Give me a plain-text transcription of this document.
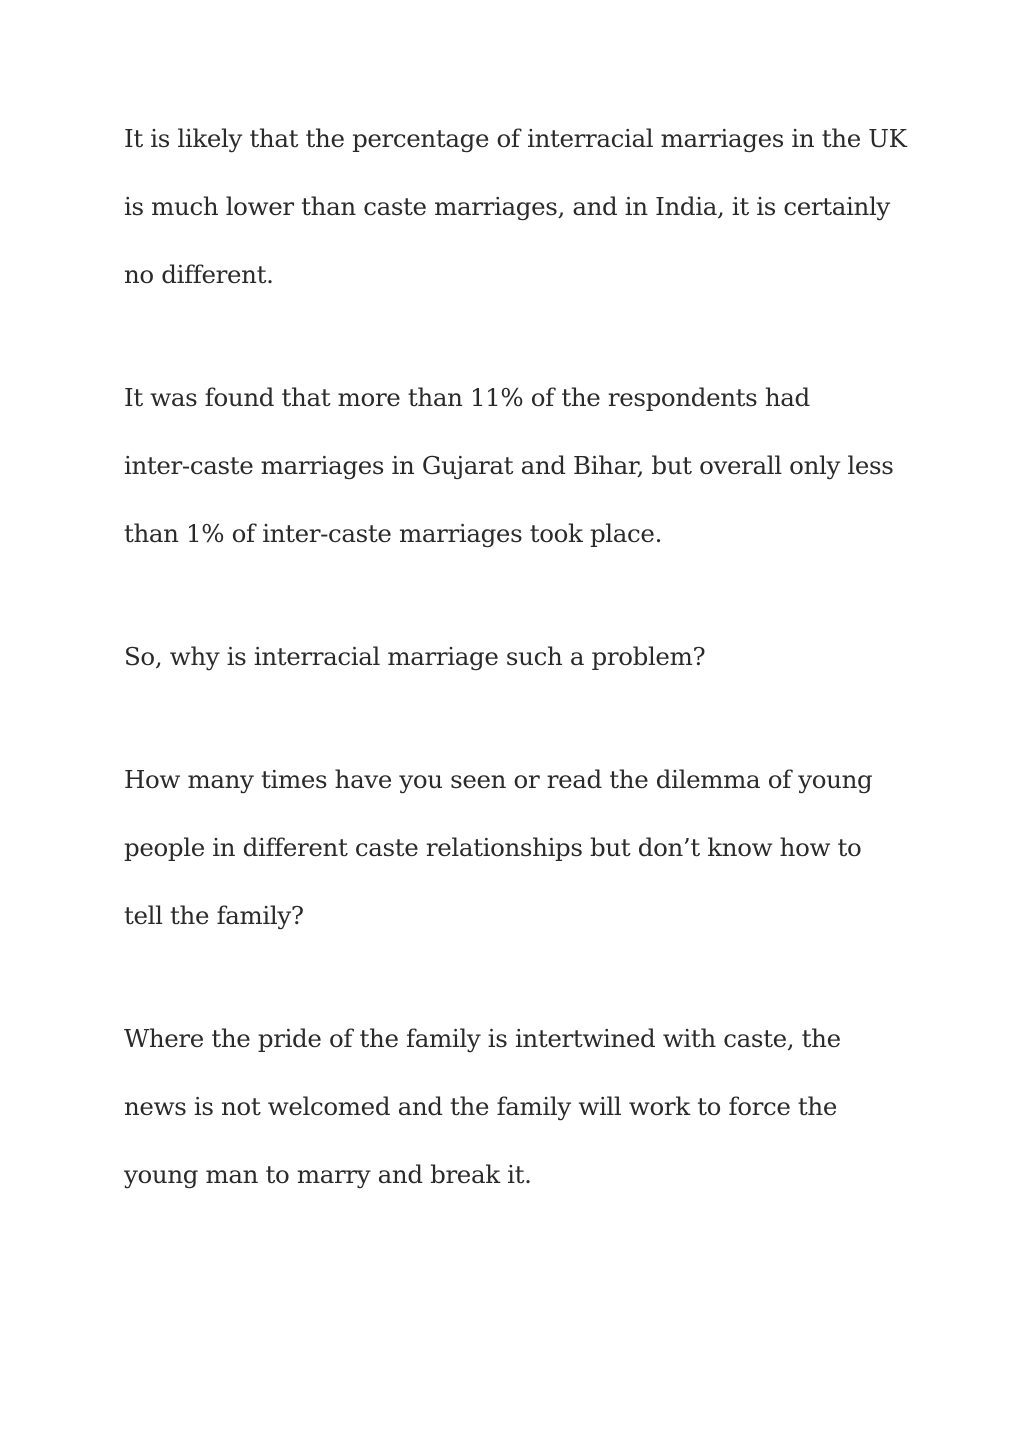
It is likely that the percentage of interracial marriages in the UK
is much lower than caste marriages, and in India, it is certainly
no different.

It was found that more than 11% of the respondents had
inter-caste marriages in Gujarat and Bihar, but overall only less
than 1% of inter-caste marriages took place.

So, why is interracial marriage such a problem?

How many times have you seen or read the dilemma of young
people in different caste relationships but don’t know how to
tell the family?

Where the pride of the family is intertwined with caste, the
news is not welcomed and the family will work to force the
young man to marry and break it.
